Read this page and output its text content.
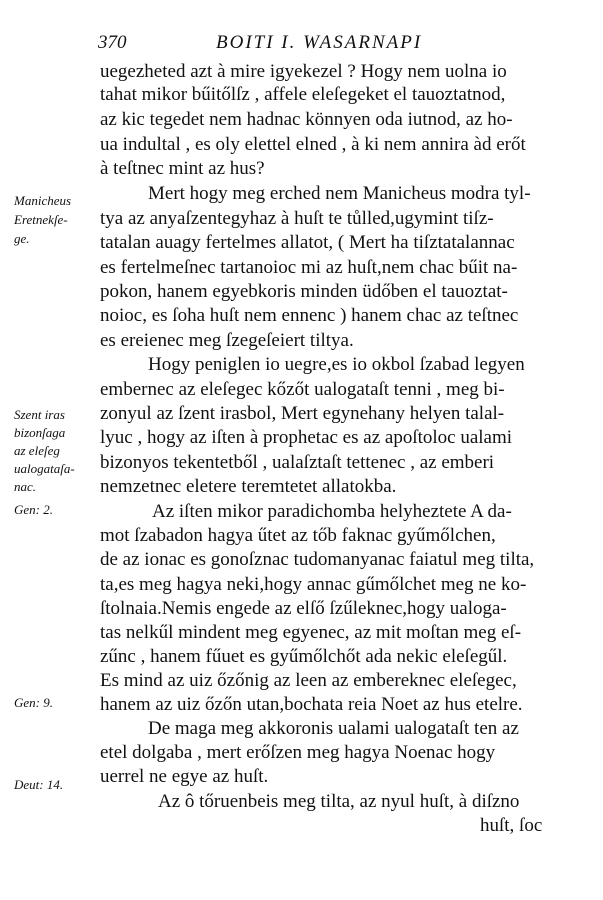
370	BOITI I. WASARNAPI
uegezheted azt à mire igyekezel ? Hogy nem uolna io
tahat mikor bűitőlſz , affele eleſegeket el tauoztatnod,
az kic tegedet nem hadnac könnyen oda iutnod, az ho-
ua indultal , es oly elettel elned , à ki nem annira àd erőt
à teſtnec mint az hus?
Mert hogy meg erched nem Manicheus modra tyl-
tya az anyaſzentegyhaz à huſt te tůlled,ugymint tiſz-
tatalan auagy fertelmes allatot, ( Mert ha tiſztatalannac
es fertelmeſnec tartanoioc mi az huſt,nem chac bűit na-
pokon, hanem egyebkoris minden üdőben el tauoztat-
noioc, es ſoha huſt nem ennenc ) hanem chac az teſtnec
es ereienec meg ſzegeſeiert tiltya.
Hogy peniglen io uegre,es io okbol ſzabad legyen
embernec az eleſegec kőzőt ualogataſt tenni , meg bi-
zonyul az ſzent irasbol, Mert egynehany helyen talal-
lyuc , hogy az iſten à prophetac es az apoſtoloc ualami
bizonyos tekentetből , ualaſztaſt tettenec , az emberi
nemzetnec eletere teremtetet allatokba.
Az iſten mikor paradichomba helyheztete A da-
mot ſzabadon hagya űtet az tőb faknac gyűmőlchen,
de az ionac es gonoſznac tudomanyanac faiatul meg tilta,
ta,es meg hagya neki,hogy annac gűmőlchet meg ne ko-
ſtolnaia.Nemis engede az elſő ſzűleknec,hogy ualoga-
tas nelkűl mindent meg egyenec, az mit moſtan meg eſ-
zűnc , hanem fűuet es gyűmőlchőt ada nekic eleſegűl.
Es mind az uiz őzőnig az leen az embereknec eleſegec,
hanem az uiz őzőn utan,bochata reia Noet az hus etelre.
De maga meg akkoronis ualami ualogataſt ten az
etel dolgaba , mert erőſzen meg hagya Noenac hogy
uerrel ne egye az huſt.
Az ô tőruenbeis meg tilta, az nyul huſt, à diſzno
huſt, ſoc
Manicheus
Eretnekſe-
ge.
Szent iras
bizonſaga
az eleſeg
ualogataſa-
nac.
Gen: 2.
Gen: 9.
Deut: 14.
